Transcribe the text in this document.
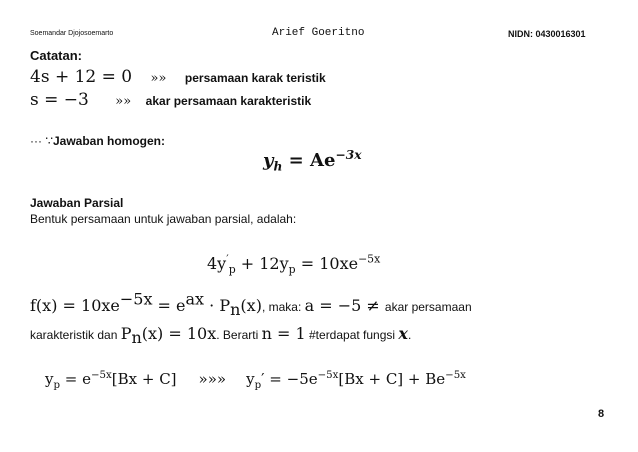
Soemandar Djojosoemarto	Arief Goeritno	NIDN: 0430016301
Catatan:
4s + 12 = 0 »» persamaan karak teristik
s = −3 »» akar persamaan karakteristik
··· ∵Jawaban homogen:
$y_h = Ae^{-3x}$
Jawaban Parsial
Bentuk persamaan untuk jawaban parsial, adalah:
$4y'_p + 12y_p = 10xe^{-5x}$
$f(x) = 10xe^{-5x} = e^{ax} \cdot P_n(x)$, maka: a = −5 ≠ akar persamaan
karakteristik dan $P_n(x) = 10x$. Berarti n = 1 #terdapat fungsi x.
$y_p = e^{-5x}[Bx + C]$ »»» $y_p' = -5e^{-5x}[Bx + C] + Be^{-5x}$
8
